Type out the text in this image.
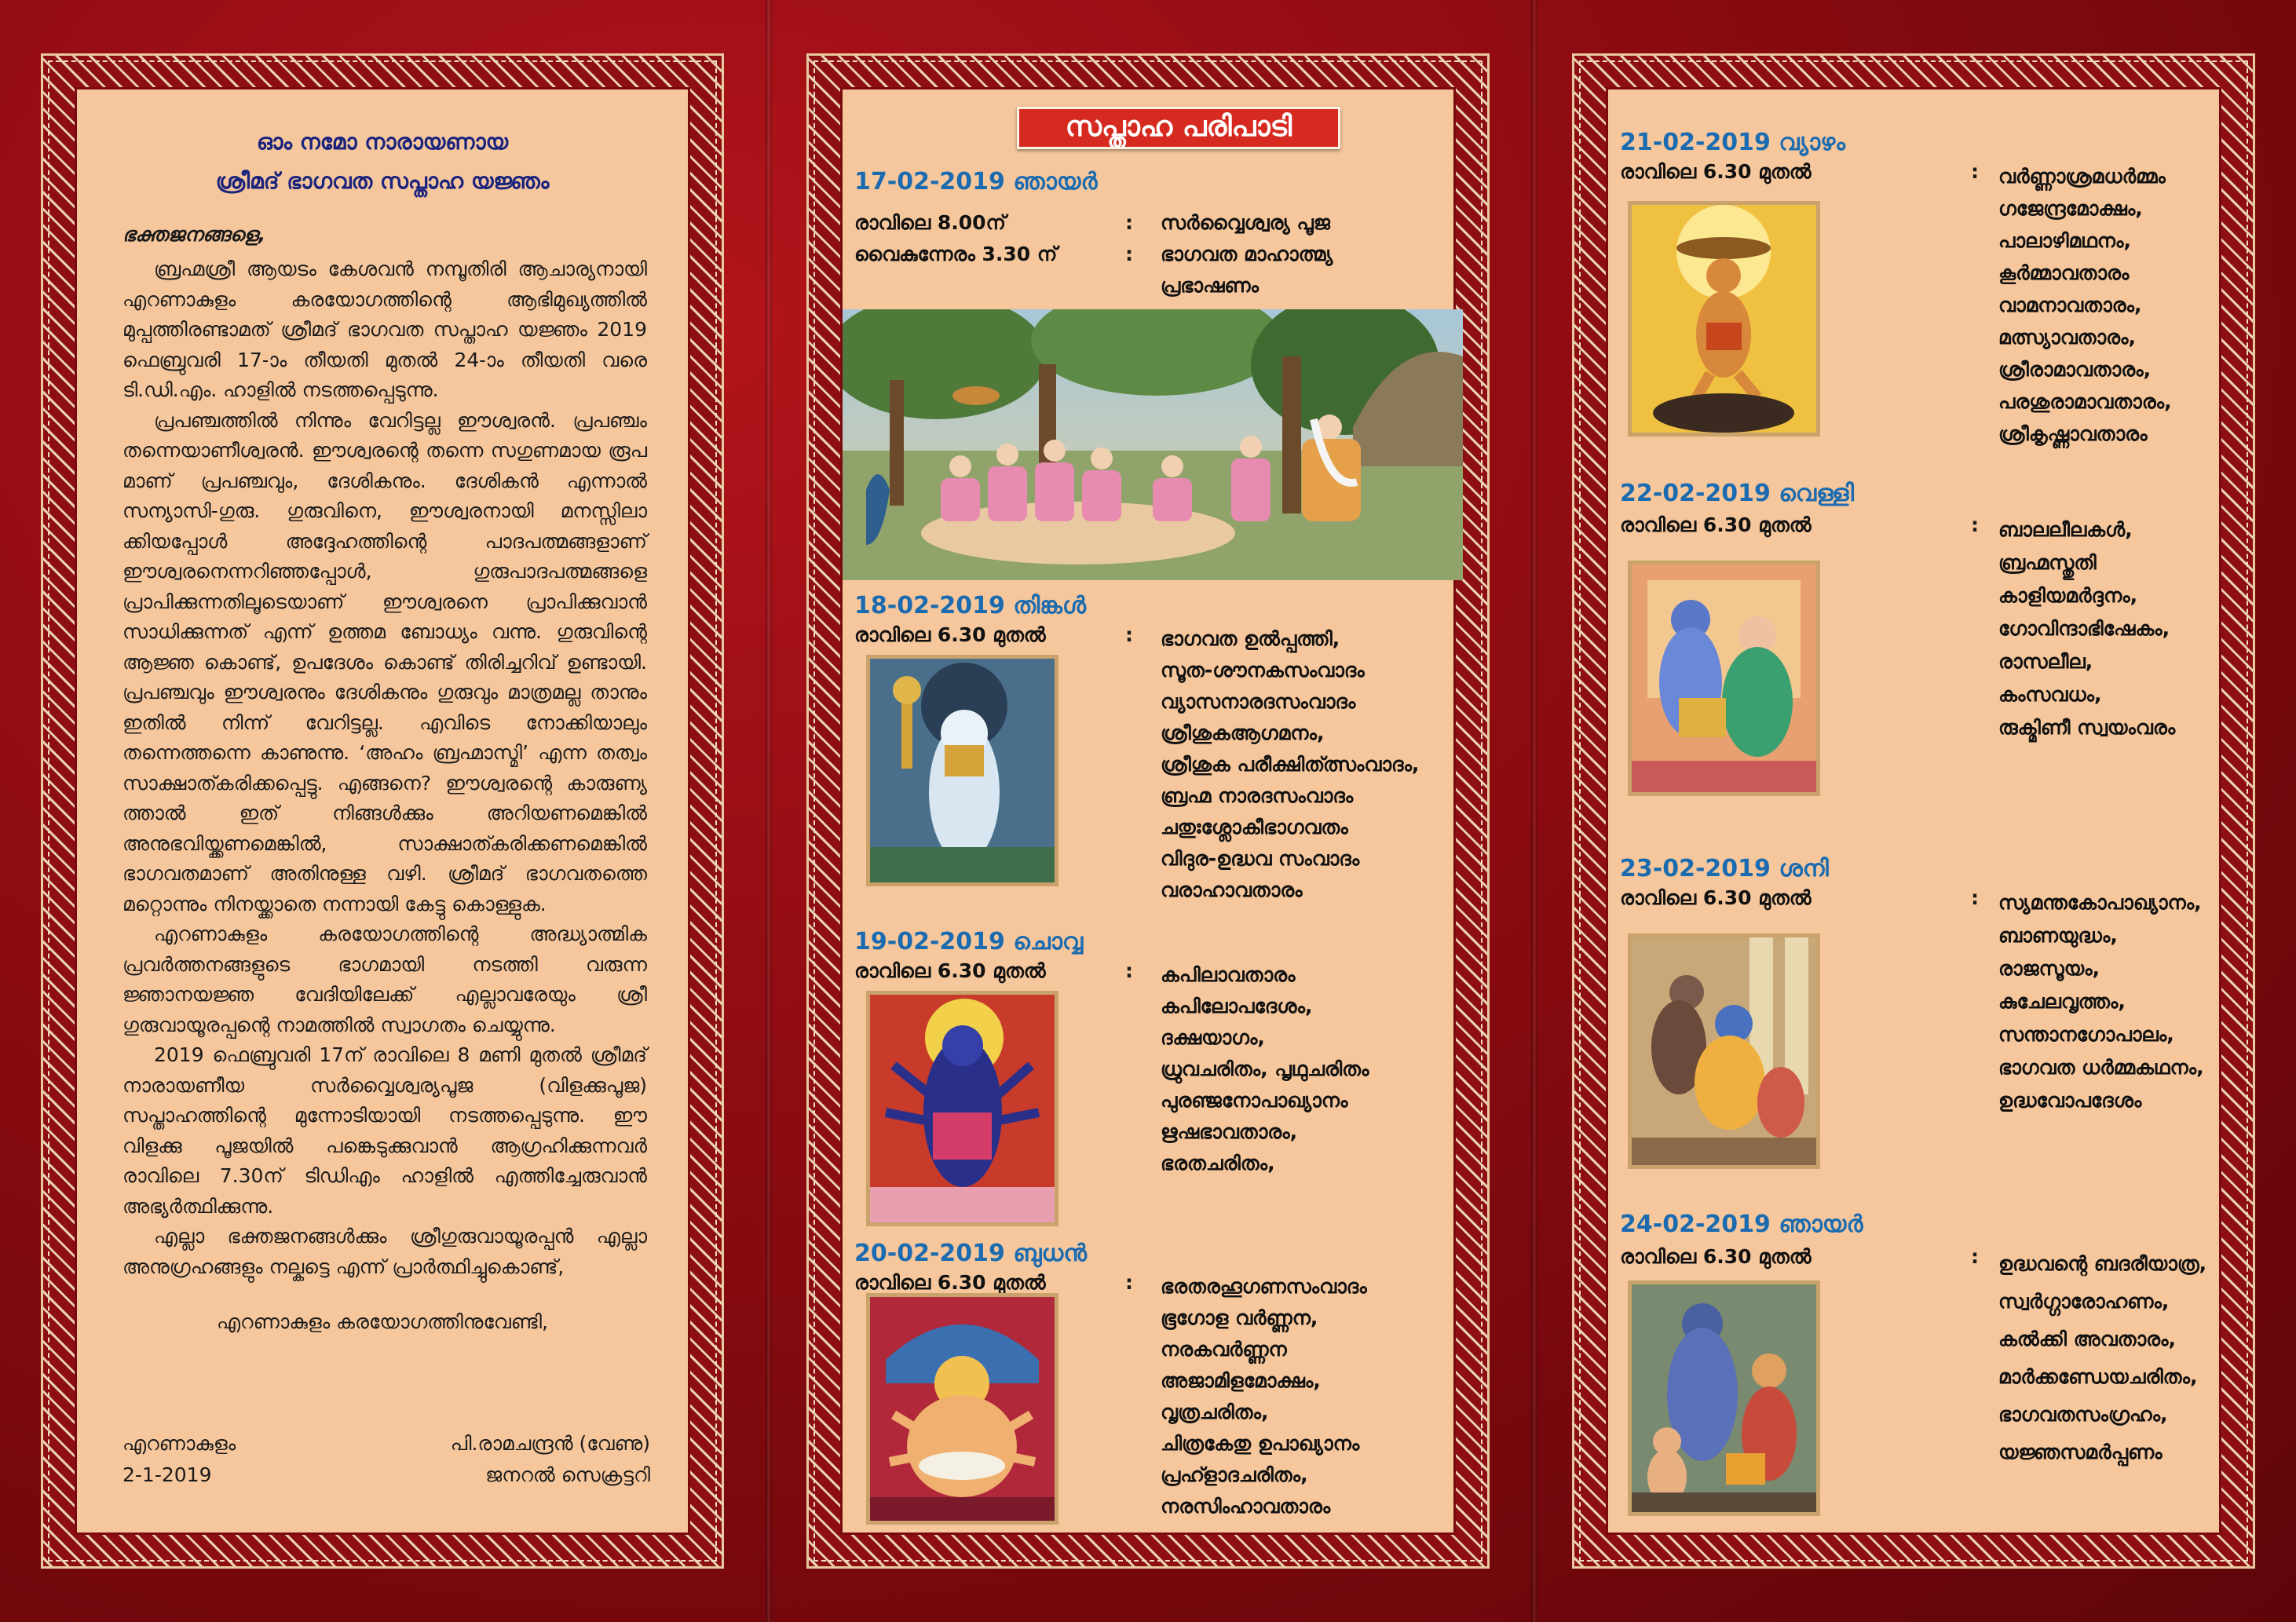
ഓം നമോ നാരായണായ
ശ്രീമദ് ഭാഗവത സപ്താഹ യജ്ഞം
ഭക്തജനങ്ങളെ,
ബ്രഹ്മശ്രീ ആയടം കേശവൻ നമ്പൂതിരി ആചാര്യനായി എറണാകുളം കരയോഗത്തിന്റെ ആഭിമുഖ്യത്തിൽ മുപ്പത്തിരണ്ടാമത് ശ്രീമദ് ഭാഗവത സപ്താഹ യജ്ഞം 2019 ഫെബ്രുവരി 17-ാം തീയതി മുതൽ 24-ാം തീയതി വരെ ടി.ഡി.എം. ഹാളിൽ നടത്തപ്പെടുന്നു.
പ്രപഞ്ചത്തിൽ നിന്നും വേറിട്ടല്ല ഈശ്വരൻ. പ്രപഞ്ചം തന്നെയാണീശ്വരൻ. ഈശ്വരന്റെ തന്നെ സഗുണമായ രൂപ മാണ് പ്രപഞ്ചവും, ദേശികനും. ദേശികൻ എന്നാൽ സന്യാസി-ഗുരു. ഗുരുവിനെ, ഈശ്വരനായി മനസ്സിലാ ക്കിയപ്പോൾ അദ്ദേഹത്തിന്റെ പാദപത്മങ്ങളാണ് ഈശ്വരനെന്നറിഞ്ഞപ്പോൾ, ഗുരുപാദപത്മങ്ങളെ പ്രാപിക്കുന്നതിലൂടെയാണ് ഈശ്വരനെ പ്രാപിക്കുവാൻ സാധിക്കുന്നത് എന്ന് ഉത്തമ ബോധ്യം വന്നു. ഗുരുവിന്റെ ആജ്ഞ കൊണ്ട്, ഉപദേശം കൊണ്ട് തിരിച്ചറിവ് ഉണ്ടായി. പ്രപഞ്ചവും ഈശ്വരനും ദേശികനും ഗുരുവും മാത്രമല്ല താനും ഇതിൽ നിന്ന് വേറിട്ടല്ല. എവിടെ നോക്കിയാലും തന്നെത്തന്നെ കാണുന്നു. ‘അഹം ബ്രഹ്മാസ്മി’ എന്ന തത്വം സാക്ഷാത്കരിക്കപ്പെട്ടു. എങ്ങനെ? ഈശ്വരന്റെ കാരുണ്യ ത്താൽ ഇത് നിങ്ങൾക്കും അറിയണമെങ്കിൽ അനുഭവിയ്ക്കണമെങ്കിൽ, സാക്ഷാത്കരിക്കണമെങ്കിൽ ഭാഗവതമാണ് അതിനുള്ള വഴി. ശ്രീമദ് ഭാഗവതത്തെ മറ്റൊന്നും നിനയ്ക്കാതെ നന്നായി കേട്ടു കൊള്ളുക.
എറണാകുളം കരയോഗത്തിന്റെ അദ്ധ്യാത്മിക പ്രവർത്തനങ്ങളുടെ ഭാഗമായി നടത്തി വരുന്ന ജ്ഞാനയജ്ഞ വേദിയിലേക്ക് എല്ലാവരേയും ശ്രീ ഗുരുവായൂരപ്പന്റെ നാമത്തിൽ സ്വാഗതം ചെയ്യുന്നു.
2019 ഫെബ്രുവരി 17ന് രാവിലെ 8 മണി മുതൽ ശ്രീമദ് നാരായണീയ സർവ്വൈശ്വര്യപൂജ (വിളക്കുപൂജ) സപ്താഹത്തിന്റെ മുന്നോടിയായി നടത്തപ്പെടുന്നു. ഈ വിളക്കു പൂജയിൽ പങ്കെടുക്കുവാൻ ആഗ്രഹിക്കുന്നവർ രാവിലെ 7.30ന് ടിഡിഎം ഹാളിൽ എത്തിച്ചേരുവാൻ അഭ്യർത്ഥിക്കുന്നു.
എല്ലാ ഭക്തജനങ്ങൾക്കും ശ്രീഗുരുവായൂരപ്പൻ എല്ലാ അനുഗ്രഹങ്ങളും നല്കട്ടെ എന്ന് പ്രാർത്ഥിച്ചുകൊണ്ട്,
എറണാകുളം കരയോഗത്തിനുവേണ്ടി,
എറണാകുളം
2-1-2019
പി.രാമചന്ദ്രൻ (വേണു)
ജനറൽ സെക്രട്ടറി
സപ്താഹ പരിപാടി
17-02-2019 ഞായർ
രാവിലെ 8.00ന്	: സർവ്വൈശ്വര്യ പൂജ
വൈകുന്നേരം 3.30 ന്	: ഭാഗവത മാഹാത്മ്യ
പ്രഭാഷണം
18-02-2019 തിങ്കൾ
രാവിലെ 6.30 മുതൽ	: ഭാഗവത ഉൽപ്പത്തി,
സൂത-ശൗനകസംവാദം
വ്യാസനാരദസംവാദം
ശ്രീശുകആഗമനം,
ശ്രീശുക പരീക്ഷിത്ത്സംവാദം,
ബ്രഹ്മ നാരദസംവാദം
ചതുഃശ്ലോകീഭാഗവതം
വിദുര-ഉദ്ധവ സംവാദം
വരാഹാവതാരം
19-02-2019 ചൊവ്വ
രാവിലെ 6.30 മുതൽ	: കപിലാവതാരം
കപിലോപദേശം,
ദക്ഷയാഗം,
ധ്രുവചരിതം, പൃഥുചരിതം
പുരഞ്ജനോപാഖ്യാനം
ഋഷഭാവതാരം,
ഭരതചരിതം,
20-02-2019 ബുധൻ
രാവിലെ 6.30 മുതൽ	: ഭരതരഹൂഗണസംവാദം
ഭൂഗോള വർണ്ണന,
നരകവർണ്ണന
അജാമിളമോക്ഷം,
വൃത്രചരിതം,
ചിത്രകേതു ഉപാഖ്യാനം
പ്രഹ്ളാദചരിതം,
നരസിംഹാവതാരം
21-02-2019 വ്യാഴം
രാവിലെ 6.30 മുതൽ	: വർണ്ണാശ്രമധർമ്മം
ഗജേന്ദ്രമോക്ഷം,
പാലാഴിമഥനം,
കൂർമ്മാവതാരം
വാമനാവതാരം,
മത്സ്യാവതാരം,
ശ്രീരാമാവതാരം,
പരശുരാമാവതാരം,
ശ്രീകൃഷ്ണാവതാരം
22-02-2019 വെള്ളി
രാവിലെ 6.30 മുതൽ	: ബാലലീലകൾ,
ബ്രഹ്മസ്തുതി
കാളിയമർദ്ദനം,
ഗോവിന്ദാഭിഷേകം,
രാസലീല,
കംസവധം,
രുക്മിണീ സ്വയംവരം
23-02-2019 ശനി
രാവിലെ 6.30 മുതൽ	: സ്യമന്തകോപാഖ്യാനം,
ബാണയുദ്ധം,
രാജസൂയം,
കുചേലവൃത്തം,
സന്താനഗോപാലം,
ഭാഗവത ധർമ്മകഥനം,
ഉദ്ധവോപദേശം
24-02-2019 ഞായർ
രാവിലെ 6.30 മുതൽ	: ഉദ്ധവന്റെ ബദരീയാത്ര,
സ്വർഗ്ഗാരോഹണം,
കൽക്കി അവതാരം,
മാർക്കണ്ഡേയചരിതം,
ഭാഗവതസംഗ്രഹം,
യജ്ഞസമർപ്പണം
